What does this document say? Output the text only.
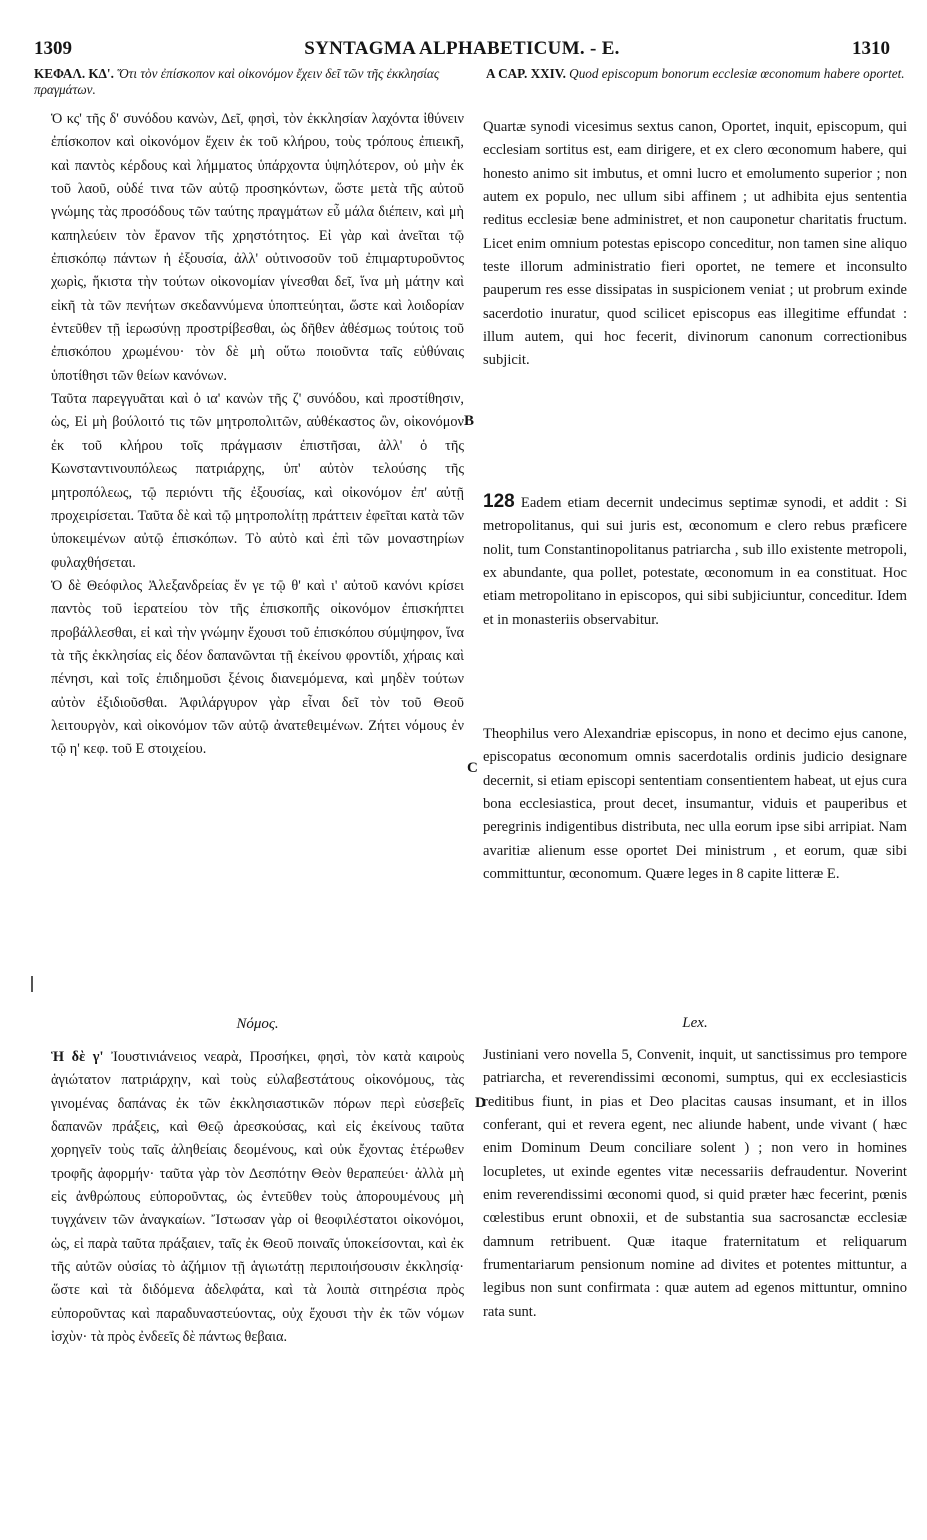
1309	SYNTAGMA ALPHABETICUM. - E.	1310
ΚΕΦΑΛ. ΚΔ'. Ὅτι τὸν ἐπίσκοπον καὶ οἰκονόμον ἔχειν δεῖ τῶν τῆς ἐκκλησίας πραγμάτων.
A CAP. XXIV. Quod episcopum bonorum ecclesiæ œconomum habere oportet.

Ὁ κς' τῆς δ' συνόδου κανὼν, Δεῖ, φησὶ, τὸν ἐκκλησίαν λαχόντα ἰθύνειν ἐπίσκοπον καὶ οἰκονόμον ἔχειν ἐκ τοῦ κλήρου, τοὺς τρόπους ἐπιεικῆ, καὶ παντὸς κέρδους καὶ λήμματος ὑπάρχοντα ὑψηλότερον, οὐ μὴν ἐκ τοῦ λαοῦ, οὐδέ τινα τῶν αὐτῷ προσηκόντων, ὥστε μετὰ τῆς αὐτοῦ γνώμης τὰς προσόδους τῶν ταύτης πραγμάτων εὖ μάλα διέπειν, καὶ μὴ καπηλεύειν τὸν ἔρανον τῆς χρηστότητος. Εἰ γὰρ καὶ ἀνεῖται τῷ ἐπισκόπῳ πάντων ἡ ἐξουσία, ἀλλ' οὐτινοσοῦν τοῦ ἐπιμαρτυροῦντος χωρὶς, ἥκιστα τὴν τούτων οἰκονομίαν γίνεσθαι δεῖ, ἵνα μὴ μάτην καὶ εἰκῆ τὰ τῶν πενήτων σκεδαννύμενα ὑποπτεύηται, ὥστε καὶ λοιδορίαν ἐντεῦθεν τῇ ἱερωσύνῃ προστρίβεσθαι, ὡς δῆθεν ἀθέσμως τούτοις τοῦ ἐπισκόπου χρωμένου· τὸν δὲ μὴ οὕτω ποιοῦντα ταῖς εὐθύναις ὑποτίθησι τῶν θείων κανόνων.

Ταῦτα παρεγγυᾶται καὶ ὁ ια' κανὼν τῆς ζ' συνόδου, καὶ προστίθησιν, ὡς, Εἰ μὴ βούλοιτό τις τῶν μητροπολιτῶν, αὐθέκαστος ὢν, οἰκονόμον ἐκ τοῦ κλήρου τοῖς πράγμασιν ἐπιστῆσαι, ἀλλ' ὁ τῆς Κωνσταντινουπόλεως πατριάρχης, ὑπ' αὐτὸν τελούσης τῆς μητροπόλεως, τῷ περιόντι τῆς ἐξουσίας, καὶ οἰκονόμον ἐπ' αὐτῇ προχειρίσεται. Ταῦτα δὲ καὶ τῷ μητροπολίτῃ πράττειν ἐφεῖται κατὰ τῶν ὑποκειμένων αὐτῷ ἐπισκόπων. Τὸ αὐτὸ καὶ ἐπὶ τῶν μοναστηρίων φυλαχθήσεται.

Ὁ δὲ Θεόφιλος Ἀλεξανδρείας ἔν γε τῷ θ' καὶ ι' αὐτοῦ κανόνι κρίσει παντὸς τοῦ ἱερατείου τὸν τῆς ἐπισκοπῆς οἰκονόμον ἐπισκήπτει προβάλλεσθαι, εἰ καὶ τὴν γνώμην ἔχουσι τοῦ ἐπισκόπου σύμψηφον, ἵνα τὰ τῆς ἐκκλησίας εἰς δέον δαπανῶνται τῇ ἐκείνου φροντίδι, χήραις καὶ πένησι, καὶ τοῖς ἐπιδημοῦσι ξένοις διανεμόμενα, καὶ μηδὲν τούτων αὐτὸν ἐξιδιοῦσθαι. Ἀφιλάργυρον γὰρ εἶναι δεῖ τὸν τοῦ Θεοῦ λειτουργὸν, καὶ οἰκονόμον τῶν αὐτῷ ἀνατεθειμένων. Ζήτει νόμους ἐν τῷ η' κεφ. τοῦ Ε στοιχείου.

Νόμος.

Ἡ δὲ γ' Ἰουστινιάνειος νεαρὰ, Προσήκει, φησὶ, τὸν κατὰ καιροὺς ἁγιώτατον πατριάρχην, καὶ τοὺς εὐλαβεστάτους οἰκονόμους, τὰς γινομένας δαπάνας ἐκ τῶν ἐκκλησιαστικῶν πόρων περὶ εὐσεβεῖς δαπανῶν πράξεις, καὶ Θεῷ ἀρεσκούσας, καὶ εἰς ἐκείνους ταῦτα χορηγεῖν τοὺς ταῖς ἀληθείαις δεομένους, καὶ οὐκ ἔχοντας ἑτέρωθεν τροφῆς ἀφορμήν· ταῦτα γὰρ τὸν Δεσπότην Θεὸν θεραπεύει· ἀλλὰ μὴ εἰς ἀνθρώπους εὐποροῦντας, ὡς ἐντεῦθεν τοὺς ἀπορουμένους μὴ τυγχάνειν τῶν ἀναγκαίων. Ἴστωσαν γὰρ οἱ θεοφιλέστατοι οἰκονόμοι, ὡς, εἰ παρὰ ταῦτα πράξαιεν, ταῖς ἐκ Θεοῦ ποιναῖς ὑποκείσονται, καὶ ἐκ τῆς αὐτῶν οὐσίας τὸ ἀζήμιον τῇ ἁγιωτάτῃ περιποιήσουσιν ἐκκλησίᾳ· ὥστε καὶ τὰ διδόμενα ἀδελφάτα, καὶ τὰ λοιπὰ σιτηρέσια πρὸς εὐποροῦντας καὶ παραδυναστεύοντας, οὐχ ἔχουσι τὴν ἐκ τῶν νόμων ἰσχὺν· τὰ πρὸς ἐνδεεῖς δὲ πάντως θεβαια.

Quartæ synodi vicesimus sextus canon, Oportet, inquit, episcopum, qui ecclesiam sortitus est, eam dirigere, et ex clero œconomum habere, qui honesto animo sit imbutus, et omni lucro et emolumento superior ; non autem ex populo, nec ullum sibi affinem ; ut adhibita ejus sententia reditus ecclesiæ bene administret, et non cauponetur charitatis fructum. Licet enim omnium potestas episcopo conceditur, non tamen sine aliquo teste illorum administratio fieri oportet, ne temere et inconsulto pauperum res esse dissipatas in suspicionem veniat ; ut probrum exinde sacerdotio inuratur, quod scilicet episcopus eas illegitime effundat : illum autem, qui hoc fecerit, divinorum canonum correctionibus subjicit.

128 Eadem etiam decernit undecimus septimæ synodi, et addit : Si metropolitanus, qui sui juris est, œconomum e clero rebus præficere nolit, tum Constantinopolitanus patriarcha , sub illo existente metropoli, ex abundante, qua pollet, potestate, œconomum in ea constituat. Hoc etiam metropolitano in episcopos, qui sibi subjiciuntur, conceditur. Idem et in monasteriis observabitur.

Theophilus vero Alexandriæ episcopus, in nono et decimo ejus canone, episcopatus œconomum omnis sacerdotalis ordinis judicio designare decernit, si etiam episcopi sententiam consentientem habeat, ut ejus cura bona ecclesiastica, prout decet, insumantur, viduis et pauperibus et peregrinis indigentibus distributa, nec ulla eorum ipse sibi arripiat. Nam avaritiæ alienum esse oportet Dei ministrum , et eorum, quæ sibi committuntur, œconomum. Quære leges in 8 capite litteræ E.

Lex.

Justiniani vero novella 5, Convenit, inquit, ut sanctissimus pro tempore patriarcha, et reverendissimi œconomi, sumptus, qui ex ecclesiasticis reditibus fiunt, in pias et Deo placitas causas insumant, et in illos conferant, qui et revera egent, nec aliunde habent, unde vivant ( hæc enim Dominum Deum conciliare solent ) ; non vero in homines locupletes, ut exinde egentes vitæ necessariis defraudentur. Noverint enim reverendissimi œconomi quod, si quid præter hæc fecerint, pœnis cœlestibus erunt obnoxii, et de substantia sua sacrosanctæ ecclesiæ damnum retribuent. Quæ itaque fraternitatum et reliquarum frumentariarum pensionum nomine ad divites et potentes mittuntur, a legibus non sunt confirmata : quæ autem ad egenos mittuntur, omnino rata sunt.

B
C
D
